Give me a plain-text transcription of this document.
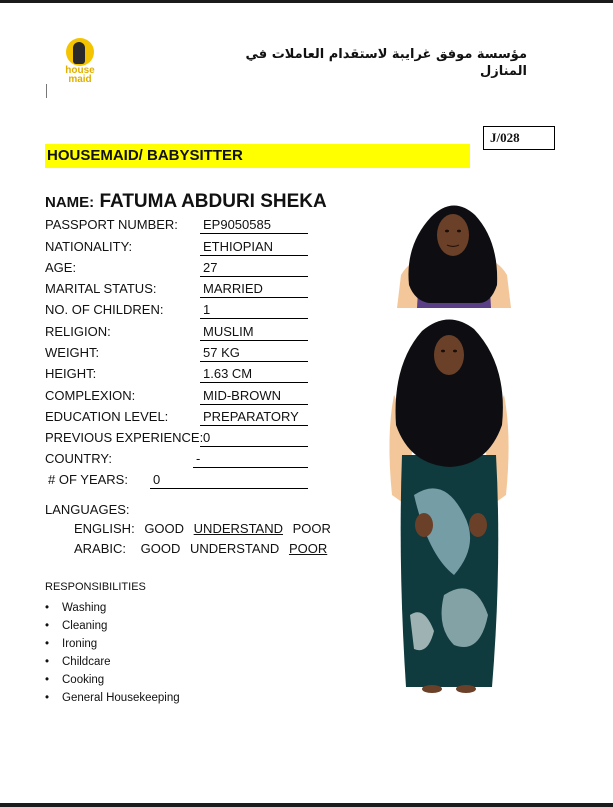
house maid
مؤسسة موفق غرايبة لاستقدام العاملات في المنازل
J/028
HOUSEMAID/ BABYSITTER
NAME: FATUMA ABDURI SHEKA
PASSPORT NUMBER: EP9050585
NATIONALITY:	ETHIOPIAN
AGE:	27
MARITAL STATUS:	MARRIED
NO. OF CHILDREN:	1
RELIGION:	MUSLIM
WEIGHT:	57 KG
HEIGHT:	1.63 CM
COMPLEXION:	MID-BROWN
EDUCATION LEVEL:	PREPARATORY
PREVIOUS EXPERIENCE: 0
COUNTRY:	-
# OF YEARS: 0
LANGUAGES:
ENGLISH: GOOD UNDERSTAND POOR
ARABIC: GOOD UNDERSTAND POOR
RESPONSIBILITIES
• Washing
• Cleaning
• Ironing
• Childcare
• Cooking
• General Housekeeping
